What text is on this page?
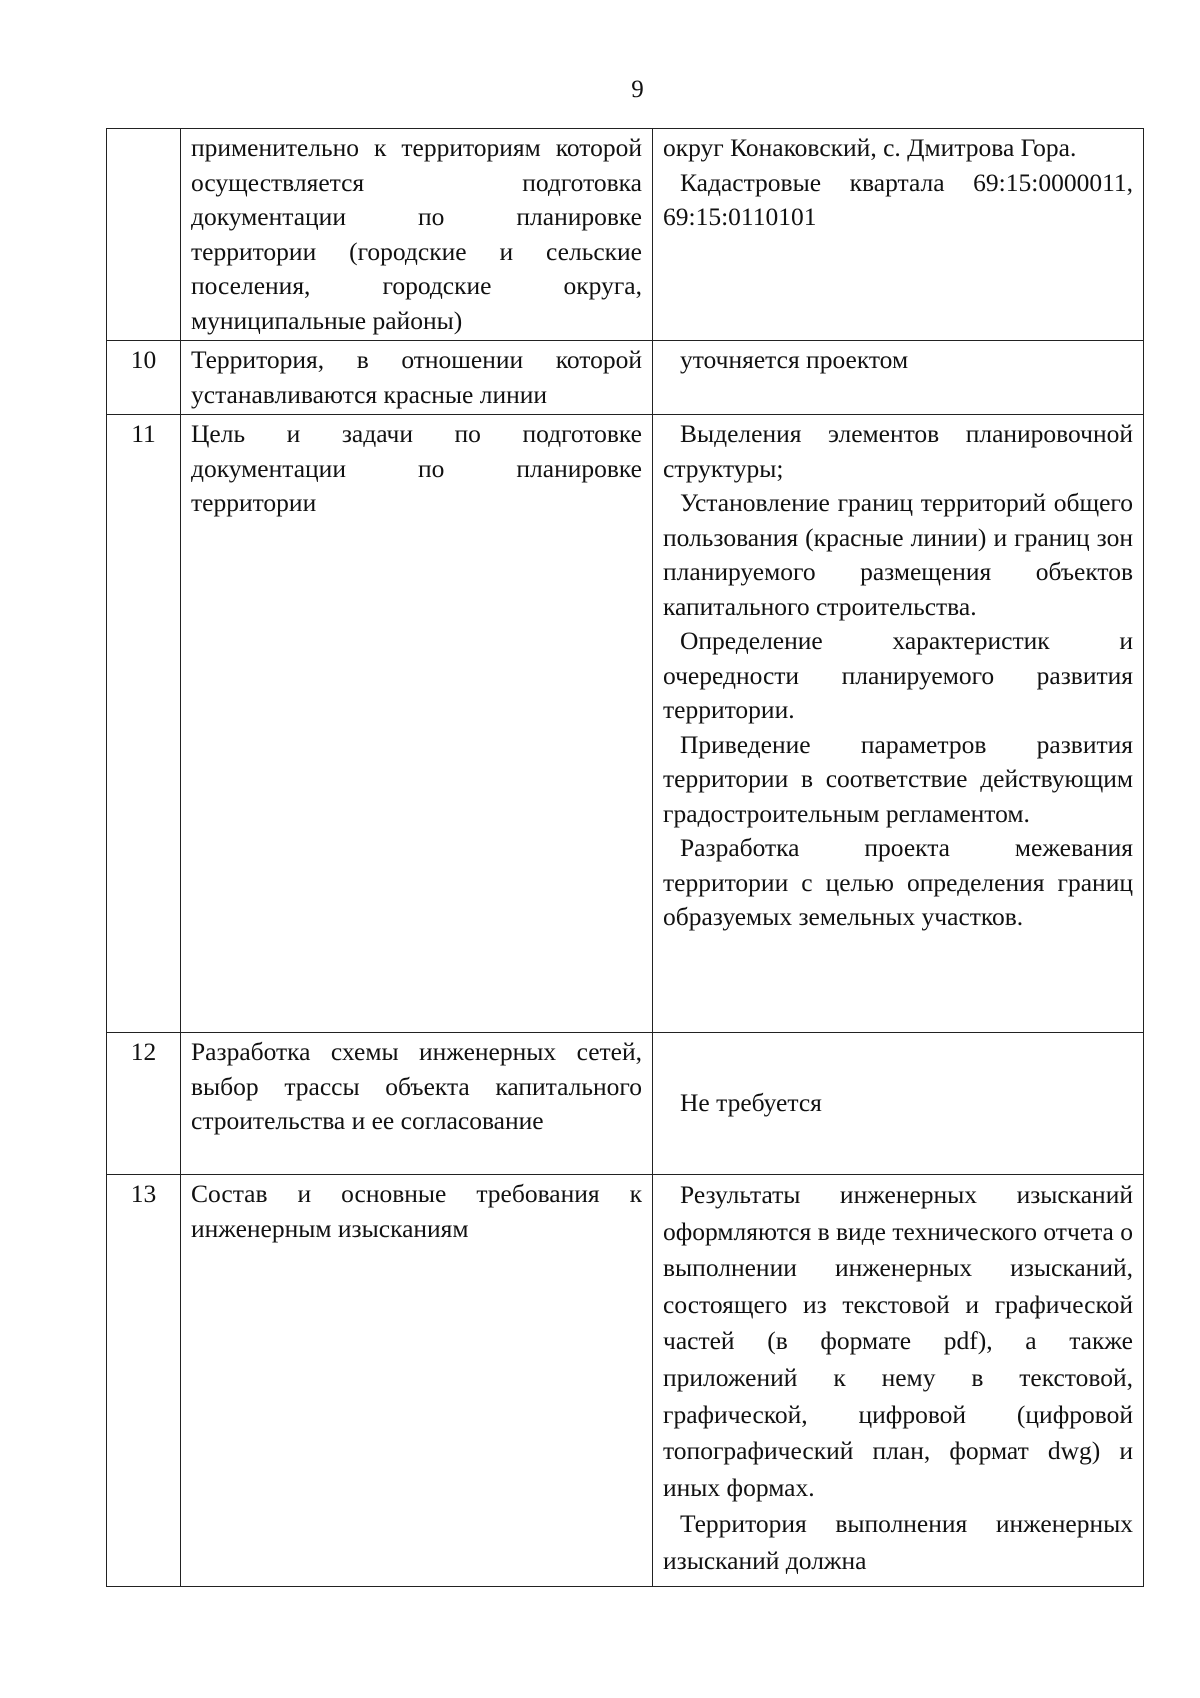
9
	применительно к территориям которой осуществляется подготовка документации по планировке территории (городские и сельские поселения, городские округа, муниципальные районы)	округ Конаковский, с. Дмитрова Гора.

Кадастровые квартала 69:15:0000011, 69:15:0110101

10	Территория, в отношении которой устанавливаются красные линии	уточняется проектом

11	Цель и задачи по подготовке документации по планировке территории	Выделения элементов планировочной структуры;

Установление границ территорий общего пользования (красные линии) и границ зон планируемого размещения объектов капитального строительства.

Определение характеристик и очередности планируемого развития территории.

Приведение параметров развития территории в соответствие действующим градостроительным регламентом.

Разработка проекта межевания территории с целью определения границ образуемых земельных участков.

12	Разработка схемы инженерных сетей, выбор трассы объекта капитального строительства и ее согласование	Не требуется

13	Состав и основные требования к инженерным изысканиям	Результаты инженерных изысканий оформляются в виде технического отчета о выполнении инженерных изысканий, состоящего из текстовой и графической частей (в формате pdf), а также приложений к нему в текстовой, графической, цифровой (цифровой топографический план, формат dwg) и иных формах.

Территория выполнения инженерных изысканий должна
